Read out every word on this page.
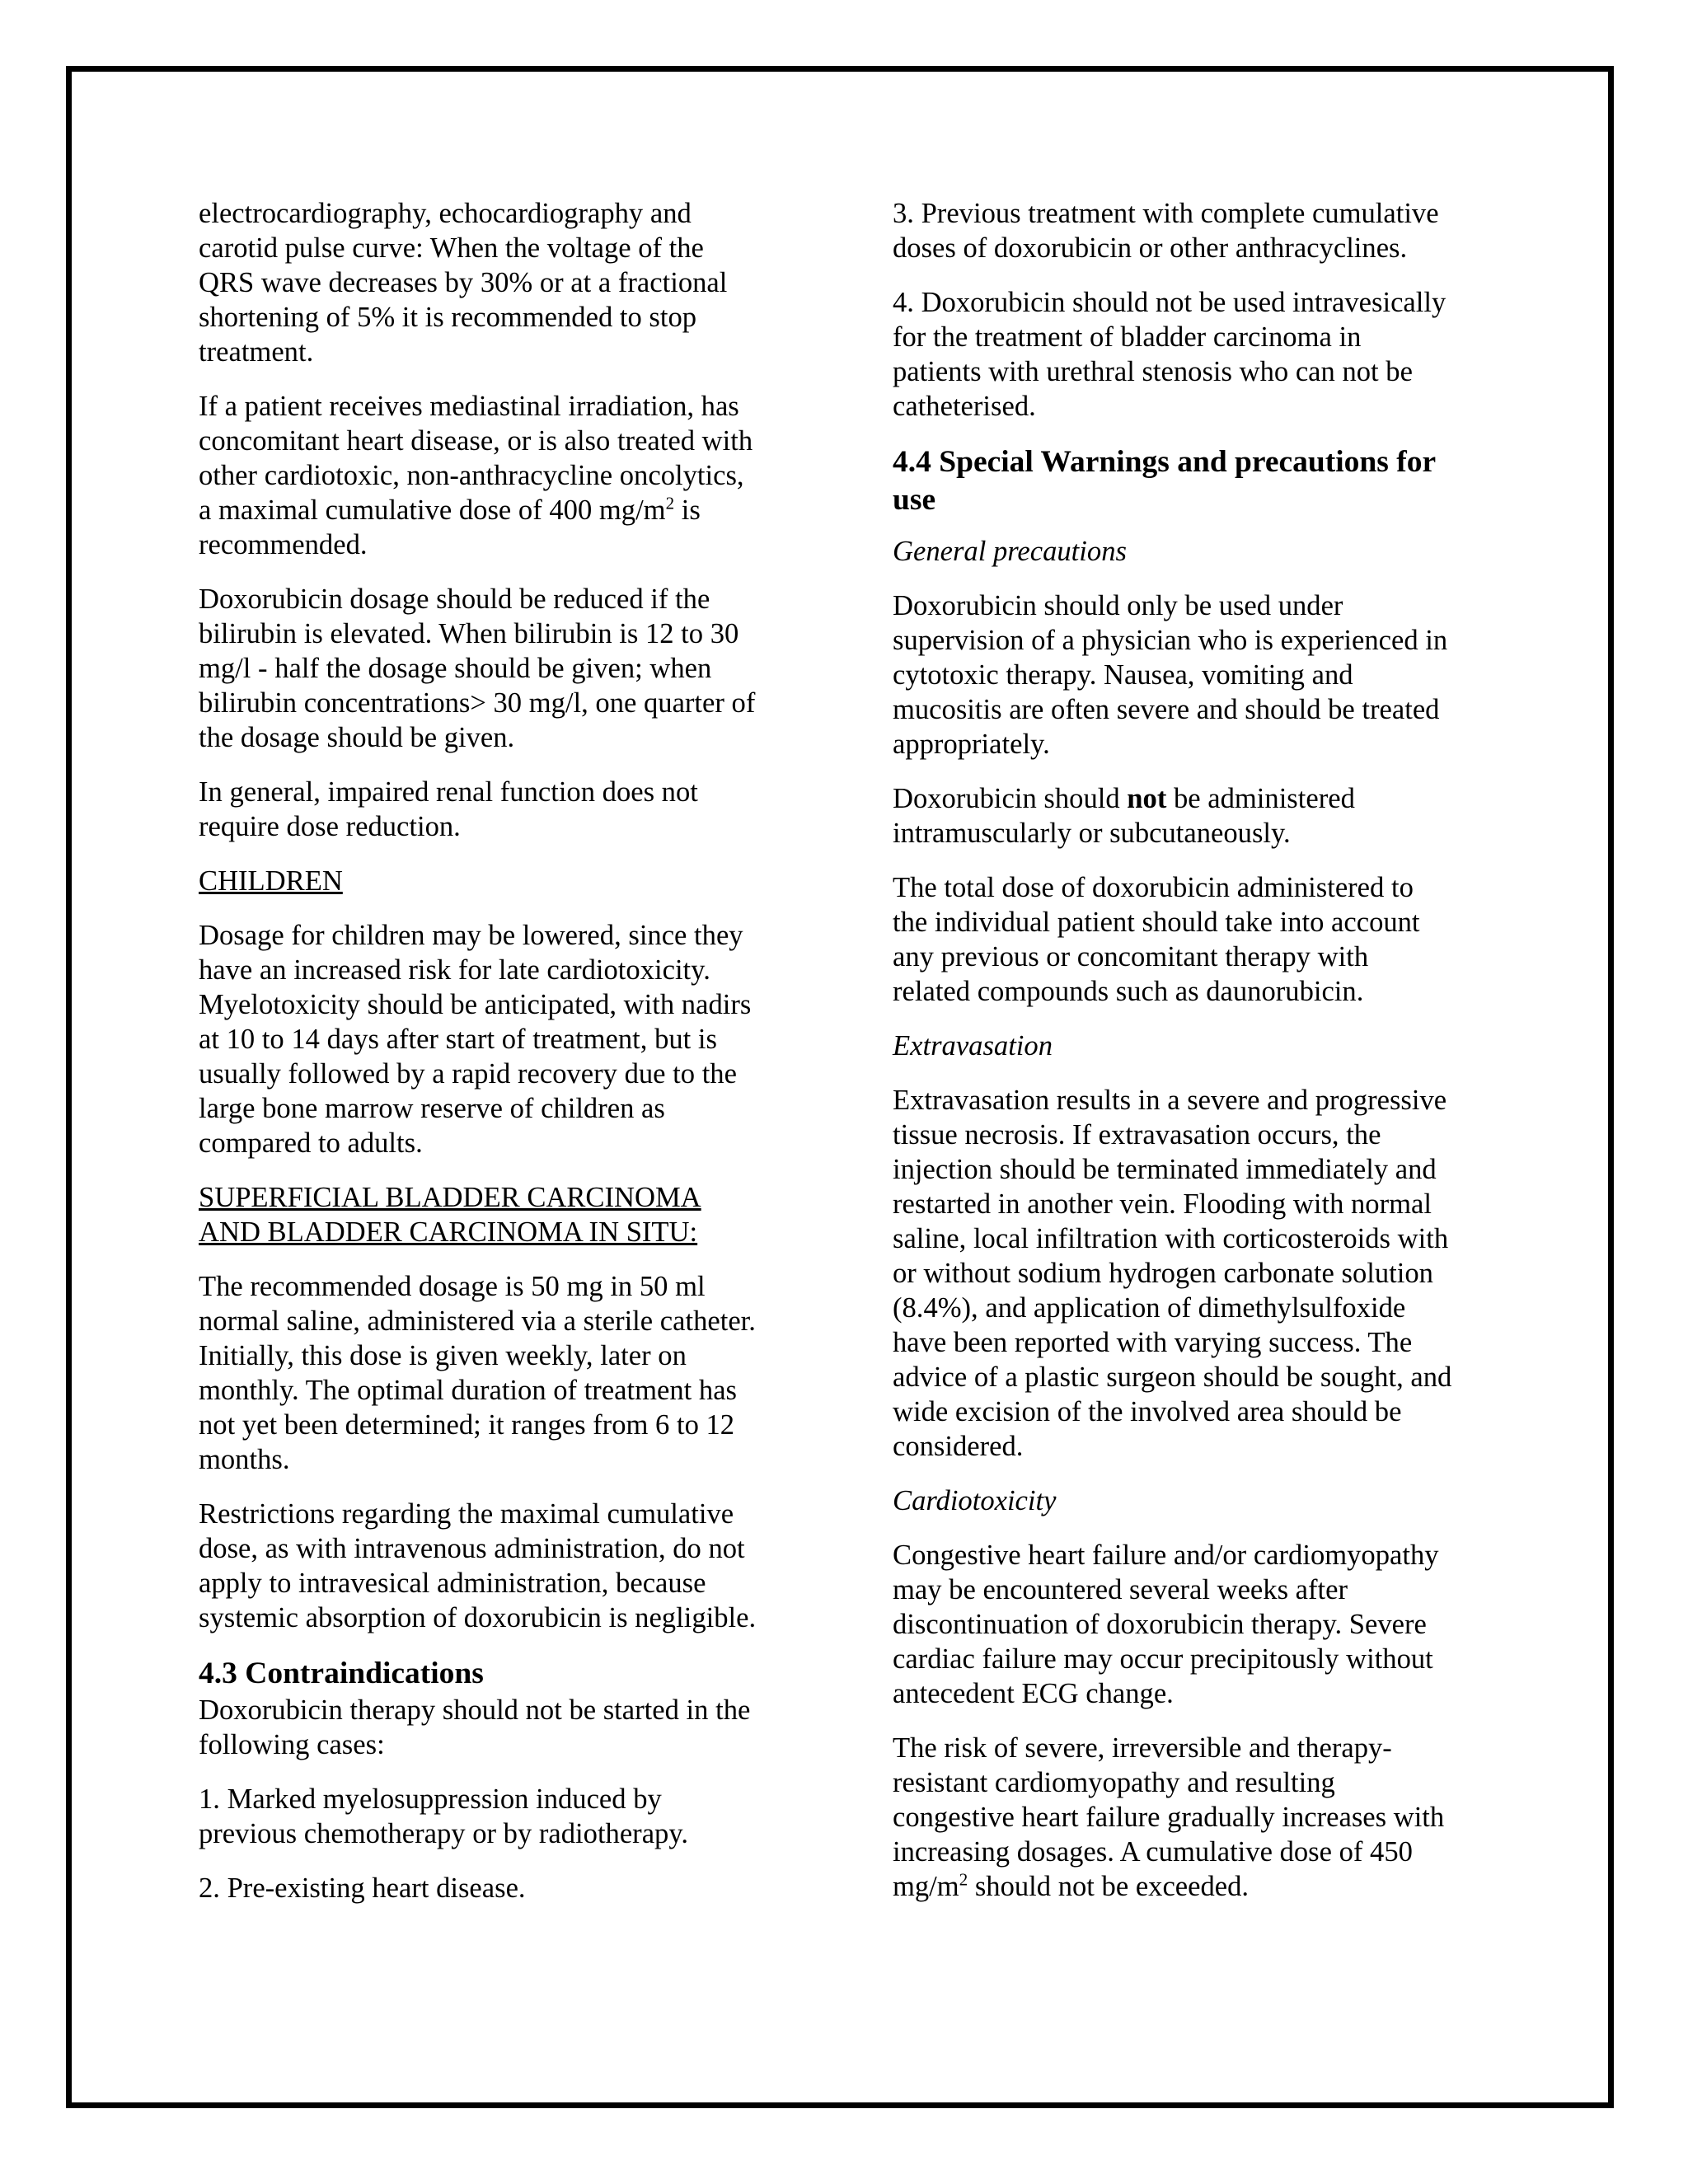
electrocardiography, echocardiography and
carotid pulse curve: When the voltage of the
QRS wave decreases by 30% or at a fractional
shortening of 5% it is recommended to stop
treatment.
If a patient receives mediastinal irradiation, has
concomitant heart disease, or is also treated with
other cardiotoxic, non-anthracycline oncolytics,
a maximal cumulative dose of 400 $mg/m^2$ is
recommended.
Doxorubicin dosage should be reduced if the
bilirubin is elevated. When bilirubin is 12 to 30
mg/l - half the dosage should be given; when
bilirubin concentrations> 30 mg/l, one quarter of
the dosage should be given.
In general, impaired renal function does not
require dose reduction.
CHILDREN
Dosage for children may be lowered, since they
have an increased risk for late cardiotoxicity.
Myelotoxicity should be anticipated, with nadirs
at 10 to 14 days after start of treatment, but is
usually followed by a rapid recovery due to the
large bone marrow reserve of children as
compared to adults.
SUPERFICIAL BLADDER CARCINOMA
AND BLADDER CARCINOMA IN SITU:
The recommended dosage is 50 mg in 50 ml
normal saline, administered via a sterile catheter.
Initially, this dose is given weekly, later on
monthly. The optimal duration of treatment has
not yet been determined; it ranges from 6 to 12
months.
Restrictions regarding the maximal cumulative
dose, as with intravenous administration, do not
apply to intravesical administration, because
systemic absorption of doxorubicin is negligible.
4.3 Contraindications
Doxorubicin therapy should not be started in the
following cases:
1. Marked myelosuppression induced by
previous chemotherapy or by radiotherapy.
2. Pre-existing heart disease.
3. Previous treatment with complete cumulative
doses of doxorubicin or other anthracyclines.
4. Doxorubicin should not be used intravesically
for the treatment of bladder carcinoma in
patients with urethral stenosis who can not be
catheterised.
4.4 Special Warnings and precautions for
use
General precautions
Doxorubicin should only be used under
supervision of a physician who is experienced in
cytotoxic therapy. Nausea, vomiting and
mucositis are often severe and should be treated
appropriately.
Doxorubicin should not be administered
intramuscularly or subcutaneously.
The total dose of doxorubicin administered to
the individual patient should take into account
any previous or concomitant therapy with
related compounds such as daunorubicin.
Extravasation
Extravasation results in a severe and progressive
tissue necrosis. If extravasation occurs, the
injection should be terminated immediately and
restarted in another vein. Flooding with normal
saline, local infiltration with corticosteroids with
or without sodium hydrogen carbonate solution
(8.4%), and application of dimethylsulfoxide
have been reported with varying success. The
advice of a plastic surgeon should be sought, and
wide excision of the involved area should be
considered.
Cardiotoxicity
Congestive heart failure and/or cardiomyopathy
may be encountered several weeks after
discontinuation of doxorubicin therapy. Severe
cardiac failure may occur precipitously without
antecedent ECG change.
The risk of severe, irreversible and therapy-
resistant cardiomyopathy and resulting
congestive heart failure gradually increases with
increasing dosages. A cumulative dose of 450
$mg/m^2$ should not be exceeded.
